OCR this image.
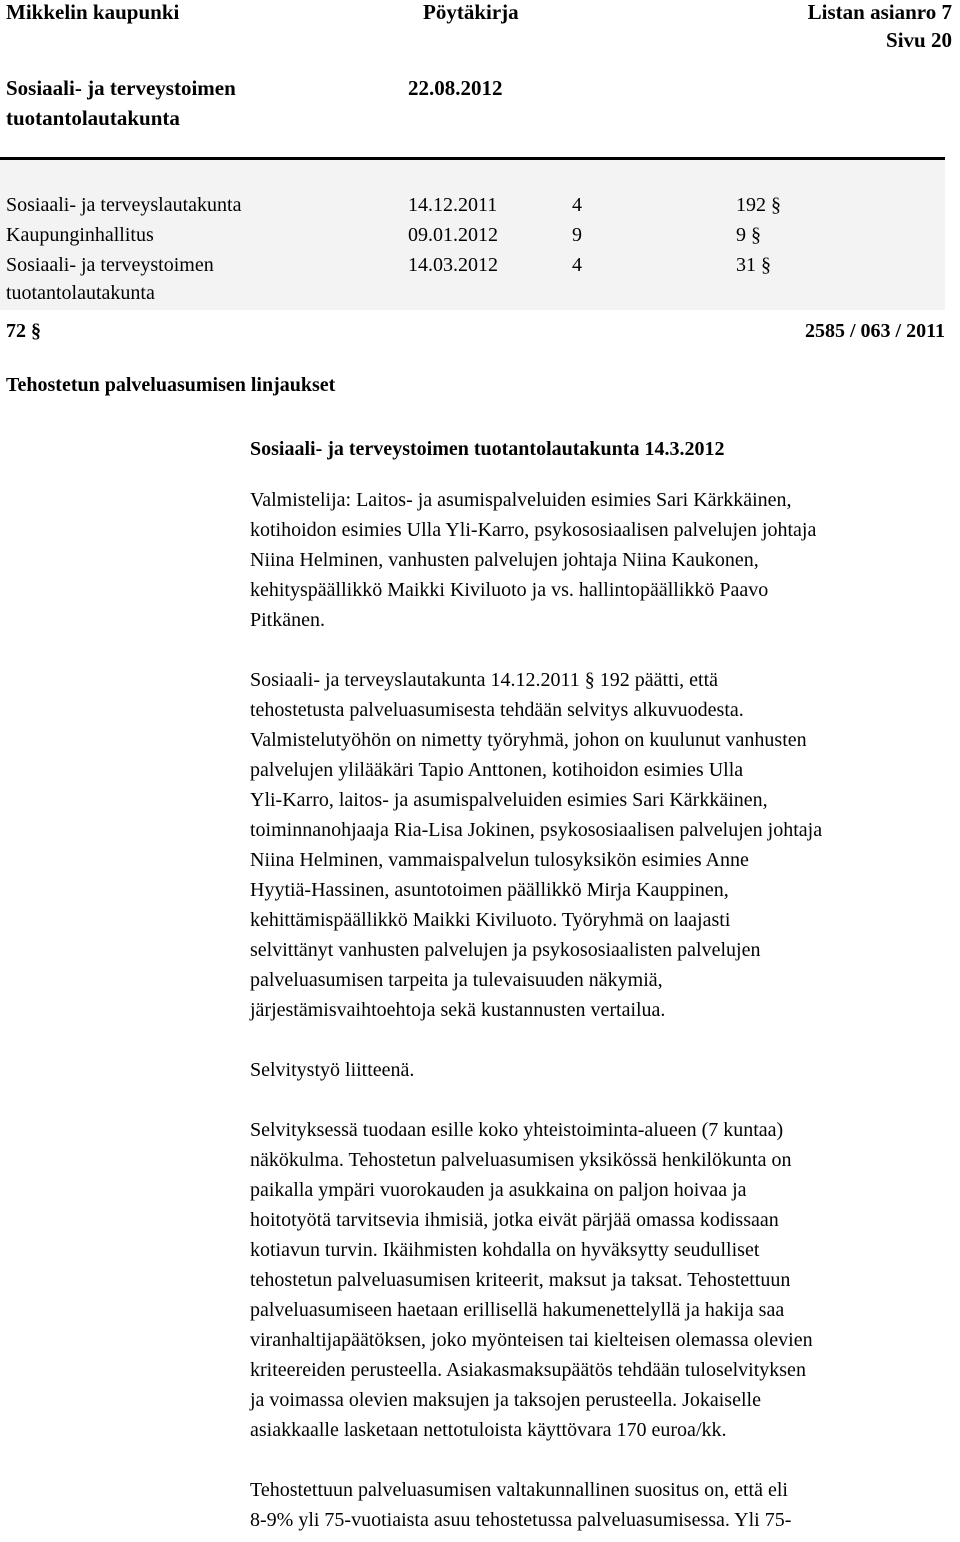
Mikkelin kaupunki	Pöytäkirja	Listan asianro 7
Sivu 20
Sosiaali- ja terveystoimen
tuotantolautakunta
22.08.2012
Sosiaali- ja terveyslautakunta	14.12.2011	4	192 §
Kaupunginhallitus	09.01.2012	9	9 §
Sosiaali- ja terveystoimen
tuotantolautakunta
14.03.2012	4	31 §
72 §	2585 / 063 / 2011
Tehostetun palveluasumisen linjaukset
Sosiaali- ja terveystoimen tuotantolautakunta 14.3.2012
Valmistelija: Laitos- ja asumispalveluiden esimies Sari Kärkkäinen,
kotihoidon esimies Ulla Yli-Karro, psykososiaalisen palvelujen johtaja
Niina Helminen, vanhusten palvelujen johtaja Niina Kaukonen,
kehityspäällikkö Maikki Kiviluoto ja vs. hallintopäällikkö Paavo
Pitkänen.
Sosiaali- ja terveyslautakunta 14.12.2011 § 192 päätti, että
tehostetusta palveluasumisesta tehdään selvitys alkuvuodesta.
Valmistelutyöhön on nimetty työryhmä, johon on kuulunut vanhusten
palvelujen ylilääkäri Tapio Anttonen, kotihoidon esimies Ulla
Yli-Karro, laitos- ja asumispalveluiden esimies Sari Kärkkäinen,
toiminnanohjaaja Ria-Lisa Jokinen, psykososiaalisen palvelujen johtaja
Niina Helminen, vammaispalvelun tulosyksikön esimies Anne
Hyytiä-Hassinen, asuntotoimen päällikkö Mirja Kauppinen,
kehittämispäällikkö Maikki Kiviluoto. Työryhmä on laajasti
selvittänyt vanhusten palvelujen ja psykososiaalisten palvelujen
palveluasumisen tarpeita ja tulevaisuuden näkymiä,
järjestämisvaihtoehtoja sekä kustannusten vertailua.
Selvitystyö liitteenä.
Selvityksessä tuodaan esille koko yhteistoiminta-alueen (7 kuntaa)
näkökulma. Tehostetun palveluasumisen yksikössä henkilökunta on
paikalla ympäri vuorokauden ja asukkaina on paljon hoivaa ja
hoitotyötä tarvitsevia ihmisiä, jotka eivät pärjää omassa kodissaan
kotiavun turvin. Ikäihmisten kohdalla on hyväksytty seudulliset
tehostetun palveluasumisen kriteerit, maksut ja taksat. Tehostettuun
palveluasumiseen haetaan erillisellä hakumenettelyllä ja hakija saa
viranhaltijapäätöksen, joko myönteisen tai kielteisen olemassa olevien
kriteereiden perusteella. Asiakasmaksupäätös tehdään tuloselvityksen
ja voimassa olevien maksujen ja taksojen perusteella. Jokaiselle
asiakkaalle lasketaan nettotuloista käyttövara 170 euroa/kk.
Tehostettuun palveluasumisen valtakunnallinen suositus on, että eli
8-9% yli 75-vuotiaista asuu tehostetussa palveluasumisessa. Yli 75-
